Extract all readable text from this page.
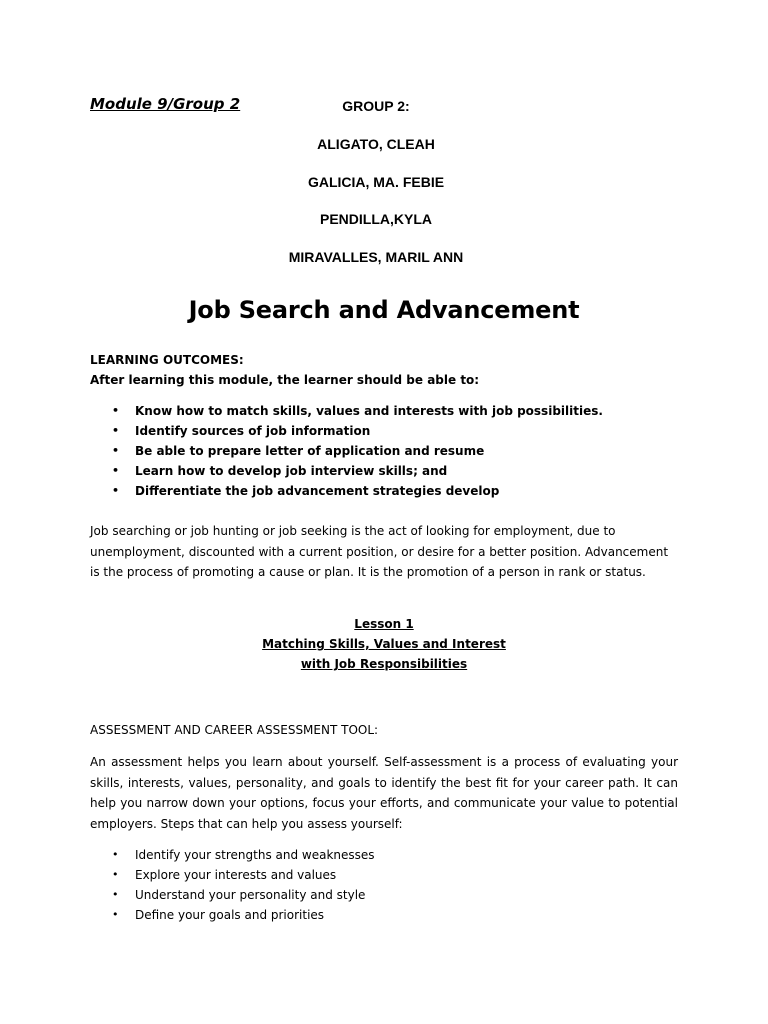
Module 9/Group 2	GROUP 2:
ALIGATO, CLEAH
GALICIA, MA. FEBIE
PENDILLA,KYLA
MIRAVALLES, MARIL ANN
Job Search and Advancement
LEARNING OUTCOMES:
After learning this module, the learner should be able to:
• Know how to match skills, values and interests with job possibilities.
• Identify sources of job information
• Be able to prepare letter of application and resume
• Learn how to develop job interview skills; and
• Differentiate the job advancement strategies develop

Job searching or job hunting or job seeking is the act of looking for employment, due to unemployment, discounted with a current position, or desire for a better position. Advancement is the process of promoting a cause or plan. It is the promotion of a person in rank or status.

Lesson 1
Matching Skills, Values and Interest
with Job Responsibilities

ASSESSMENT AND CAREER ASSESSMENT TOOL:

An assessment helps you learn about yourself. Self-assessment is a process of evaluating your skills, interests, values, personality, and goals to identify the best fit for your career path. It can help you narrow down your options, focus your efforts, and communicate your value to potential employers. Steps that can help you assess yourself:

• Identify your strengths and weaknesses
• Explore your interests and values
• Understand your personality and style
• Define your goals and priorities
